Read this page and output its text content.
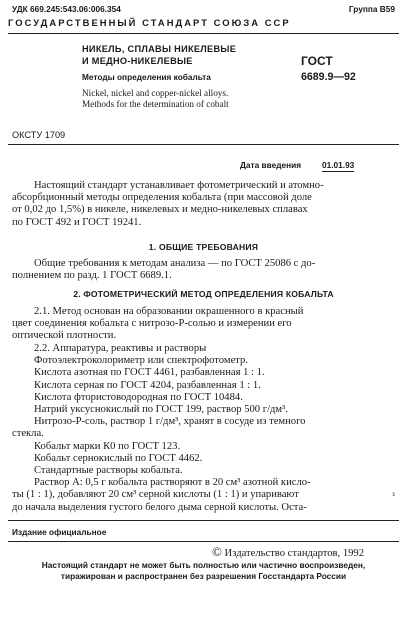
УДК 669.245:543.06:006.354	Группа В59
ГОСУДАРСТВЕННЫЙ СТАНДАРТ СОЮЗА ССР
НИКЕЛЬ, СПЛАВЫ НИКЕЛЕВЫЕ
И МЕДНО-НИКЕЛЕВЫЕ
Методы определения кобальта
Nickel, nickel and copper-nickel alloys.
Methods for the determination of cobalt
ГОСТ
6689.9—92
ОКСТУ 1709
Дата введения	01.01.93
Настоящий стандарт устанавливает фотометрический и атомно-
абсорбционный методы определения кобальта (при массовой доле
от 0,02 до 1,5%) в никеле, никелевых и медно-никелевых сплавах
по ГОСТ 492 и ГОСТ 19241.
1. ОБЩИЕ ТРЕБОВАНИЯ
Общие требования к методам анализа — по ГОСТ 25086 с до-
полнением по разд. 1 ГОСТ 6689.1.
2. ФОТОМЕТРИЧЕСКИЙ МЕТОД ОПРЕДЕЛЕНИЯ КОБАЛЬТА
2.1. Метод основан на образовании окрашенного в красный
цвет соединения кобальта с нитрозо-Р-солью и измерении его
оптической плотности.
2.2. Аппаратура, реактивы и растворы
Фотоэлектроколориметр или спектрофотометр.
Кислота азотная по ГОСТ 4461, разбавленная 1 : 1.
Кислота серная по ГОСТ 4204, разбавленная 1 : 1.
Кислота фтористоводородная по ГОСТ 10484.
Натрий уксуснокислый по ГОСТ 199, раствор 500 г/дм³.
Нитрозо-Р-соль, раствор 1 г/дм³, хранят в сосуде из темного
стекла.
Кобальт марки К0 по ГОСТ 123.
Кобальт сернокислый по ГОСТ 4462.
Стандартные растворы кобальта.
Раствор А: 0,5 г кобальта растворяют в 20 см³ азотной кисло-
ты (1 : 1), добавляют 20 см³ серной кислоты (1 : 1) и упаривают
до начала выделения густого белого дыма серной кислоты. Оста-
з
Издание официальное
© Издательство стандартов, 1992
Настоящий стандарт не может быть полностью или частично воспроизведен,
тиражирован и распространен без разрешения Госстандарта России
